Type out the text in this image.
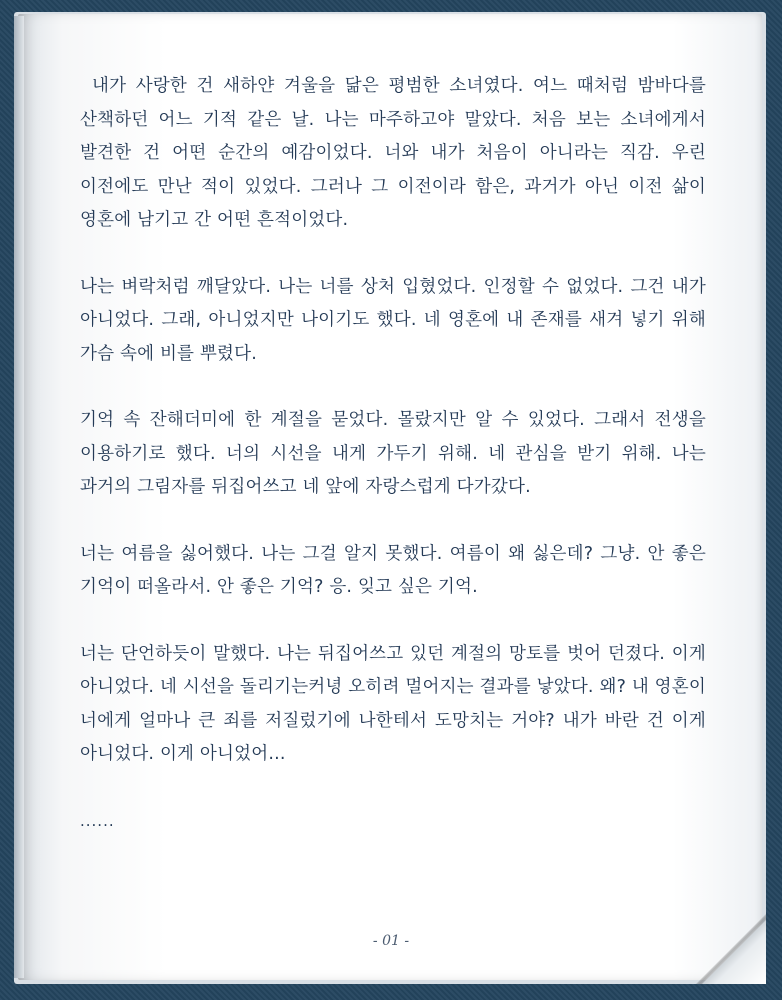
내가 사랑한 건 새하얀 겨울을 닮은 평범한 소녀였다. 여느 때처럼 밤바다를 산책하던 어느 기적 같은 날. 나는 마주하고야 말았다. 처음 보는 소녀에게서 발견한 건 어떤 순간의 예감이었다. 너와 내가 처음이 아니라는 직감. 우린 이전에도 만난 적이 있었다. 그러나 그 이전이라 함은, 과거가 아닌 이전 삶이 영혼에 남기고 간 어떤 흔적이었다.

나는 벼락처럼 깨달았다. 나는 너를 상처 입혔었다. 인정할 수 없었다. 그건 내가 아니었다. 그래, 아니었지만 나이기도 했다. 네 영혼에 내 존재를 새겨 넣기 위해 가슴 속에 비를 뿌렸다.

기억 속 잔해더미에 한 계절을 묻었다. 몰랐지만 알 수 있었다. 그래서 전생을 이용하기로 했다. 너의 시선을 내게 가두기 위해. 네 관심을 받기 위해. 나는 과거의 그림자를 뒤집어쓰고 네 앞에 자랑스럽게 다가갔다.

너는 여름을 싫어했다. 나는 그걸 알지 못했다. 여름이 왜 싫은데? 그냥. 안 좋은 기억이 떠올라서. 안 좋은 기억? 응. 잊고 싶은 기억.

너는 단언하듯이 말했다. 나는 뒤집어쓰고 있던 계절의 망토를 벗어 던졌다. 이게 아니었다. 네 시선을 돌리기는커녕 오히려 멀어지는 결과를 낳았다. 왜? 내 영혼이 너에게 얼마나 큰 죄를 저질렀기에 나한테서 도망치는 거야? 내가 바란 건 이게 아니었다. 이게 아니었어...

......

- 01 -
